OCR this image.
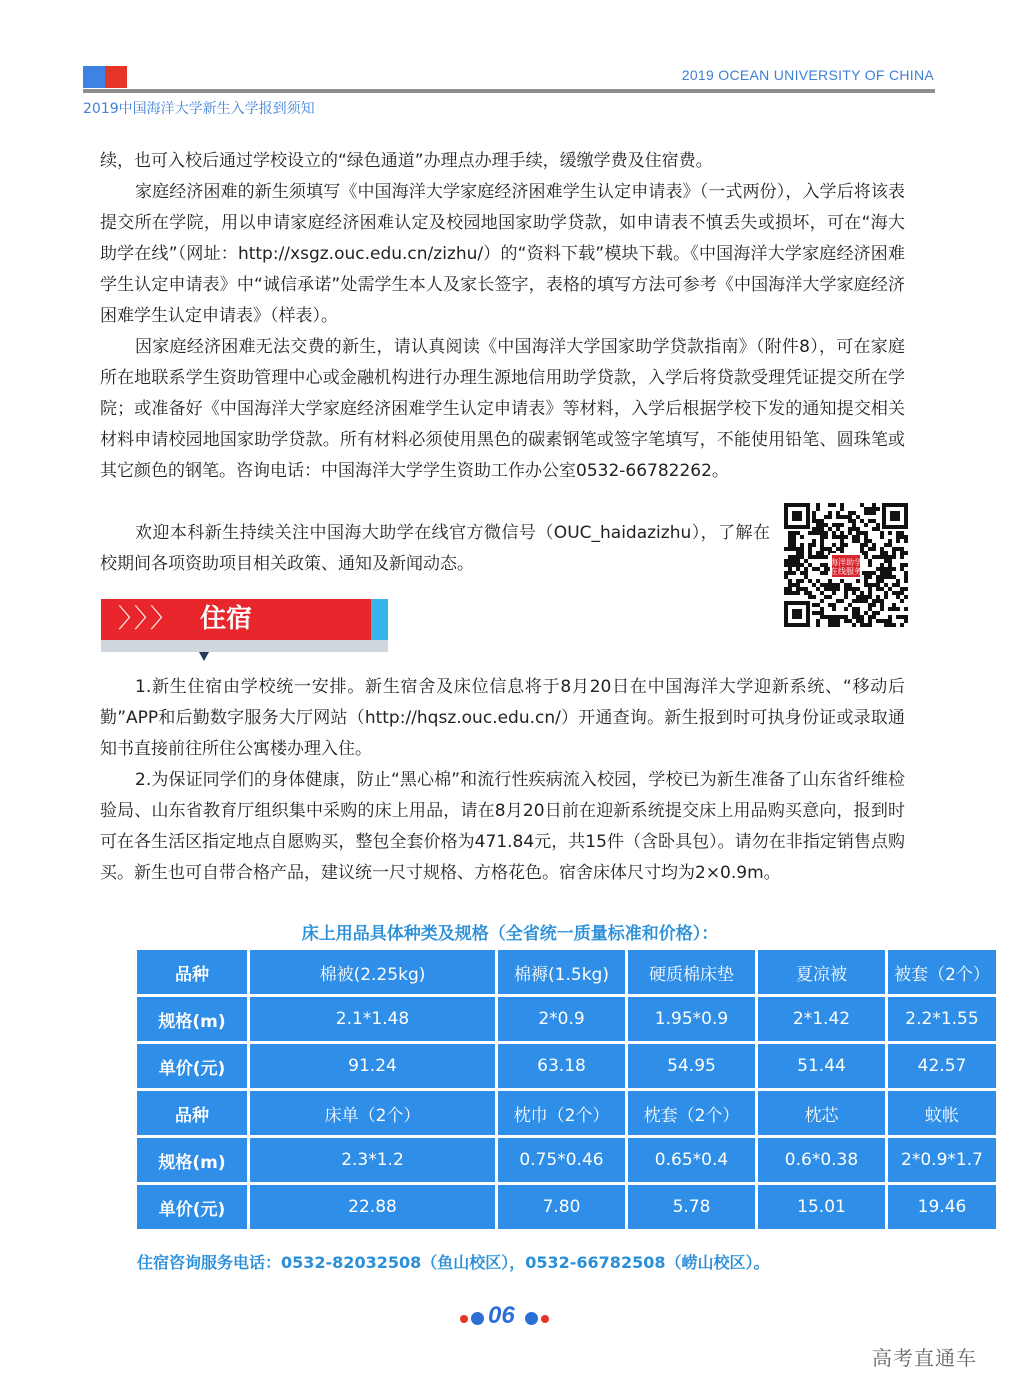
2019 OCEAN UNIVERSITY OF CHINA
2019中国海洋大学新生入学报到须知

续，也可入校后通过学校设立的“绿色通道”办理点办理手续，缓缴学费及住宿费。

家庭经济困难的新生须填写《中国海洋大学家庭经济困难学生认定申请表》（一式两份），入学后将该表提交所在学院，用以申请家庭经济困难认定及校园地国家助学贷款，如申请表不慎丢失或损坏，可在“海大助学在线”（网址：http://xsgz.ouc.edu.cn/zizhu/）的“资料下载”模块下载。《中国海洋大学家庭经济困难学生认定申请表》中“诚信承诺”处需学生本人及家长签字，表格的填写方法可参考《中国海洋大学家庭经济困难学生认定申请表》（样表）。

因家庭经济困难无法交费的新生，请认真阅读《中国海洋大学国家助学贷款指南》（附件8），可在家庭所在地联系学生资助管理中心或金融机构进行办理生源地信用助学贷款，入学后将贷款受理凭证提交所在学院；或准备好《中国海洋大学家庭经济困难学生认定申请表》等材料，入学后根据学校下发的通知提交相关材料申请校园地国家助学贷款。所有材料必须使用黑色的碳素钢笔或签字笔填写，不能使用铅笔、圆珠笔或其它颜色的钢笔。咨询电话：中国海洋大学学生资助工作办公室0532-66782262。

欢迎本科新生持续关注中国海大助学在线官方微信号（OUC_haidazizhu），了解在校期间各项资助项目相关政策、通知及新闻动态。	海洋助学
在线服务
〉〉〉 住宿

1.新生住宿由学校统一安排。新生宿舍及床位信息将于8月20日在中国海洋大学迎新系统、“移动后勤”APP和后勤数字服务大厅网站（http://hqsz.ouc.edu.cn/）开通查询。新生报到时可执身份证或录取通知书直接前往所住公寓楼办理入住。

2.为保证同学们的身体健康，防止“黑心棉”和流行性疾病流入校园，学校已为新生准备了山东省纤维检验局、山东省教育厅组织集中采购的床上用品，请在8月20日前在迎新系统提交床上用品购买意向，报到时可在各生活区指定地点自愿购买，整包全套价格为471.84元，共15件（含卧具包）。请勿在非指定销售点购买。新生也可自带合格产品，建议统一尺寸规格、方格花色。宿舍床体尺寸均为2×0.9m。

床上用品具体种类及规格（全省统一质量标准和价格）：
品种	棉被(2.25kg)	棉褥(1.5kg)	硬质棉床垫	夏凉被	被套（2个）
规格(m)	2.1*1.48	2*0.9	1.95*0.9	2*1.42	2.2*1.55
单价(元)	91.24	63.18	54.95	51.44	42.57
品种	床单（2个）	枕巾（2个）	枕套（2个）	枕芯	蚊帐
规格(m)	2.3*1.2	0.75*0.46	0.65*0.4	0.6*0.38	2*0.9*1.7
单价(元)	22.88	7.80	5.78	15.01	19.46
住宿咨询服务电话：0532-82032508（鱼山校区），0532-66782508（崂山校区）。
06
高考直通车
